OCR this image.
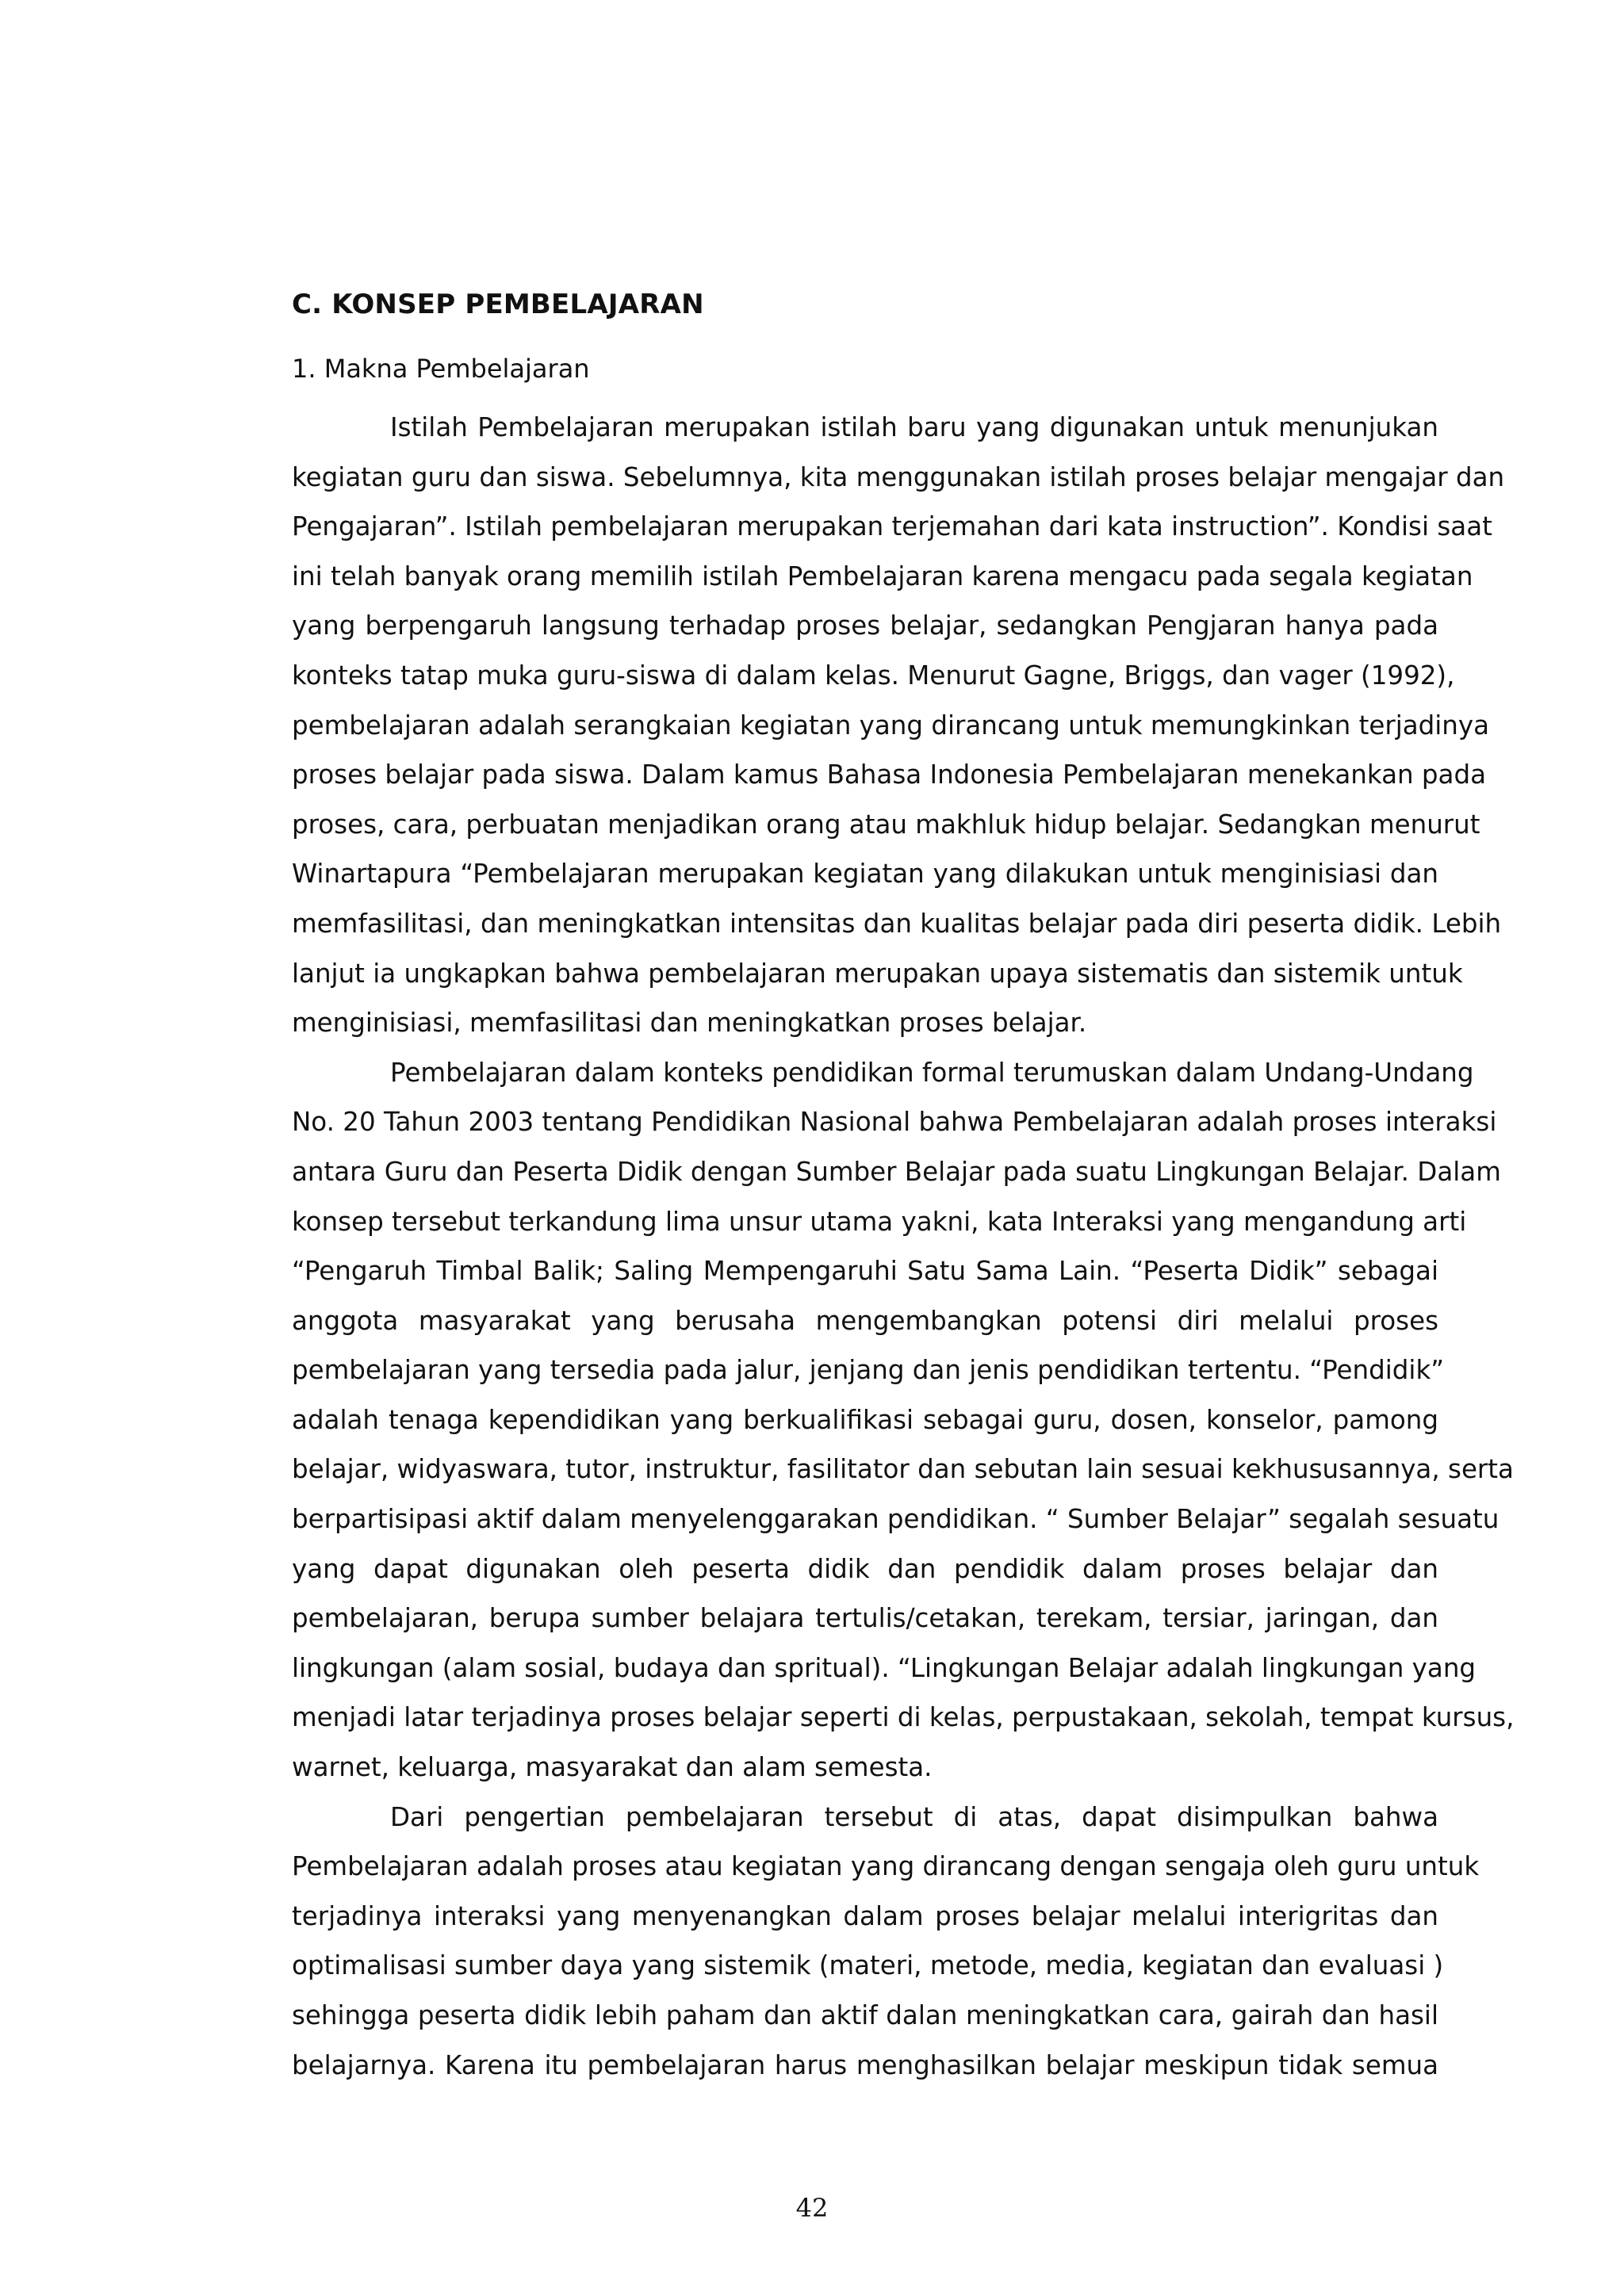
C. KONSEP PEMBELAJARAN
1. Makna Pembelajaran
Istilah Pembelajaran merupakan istilah baru yang digunakan untuk menunjukan
kegiatan guru dan siswa. Sebelumnya, kita menggunakan istilah proses belajar mengajar dan
Pengajaran”. Istilah pembelajaran merupakan terjemahan dari kata instruction”. Kondisi saat
ini telah banyak orang memilih istilah Pembelajaran karena mengacu pada segala kegiatan
yang berpengaruh langsung terhadap proses belajar, sedangkan Pengjaran hanya pada
konteks tatap muka guru-siswa di dalam kelas. Menurut Gagne, Briggs, dan vager (1992),
pembelajaran adalah serangkaian kegiatan yang dirancang untuk memungkinkan terjadinya
proses belajar pada siswa. Dalam kamus Bahasa Indonesia Pembelajaran menekankan pada
proses, cara, perbuatan menjadikan orang atau makhluk hidup belajar. Sedangkan menurut
Winartapura “Pembelajaran merupakan kegiatan yang dilakukan untuk menginisiasi dan
memfasilitasi, dan meningkatkan intensitas dan kualitas belajar pada diri peserta didik. Lebih
lanjut ia ungkapkan bahwa pembelajaran merupakan upaya sistematis dan sistemik untuk
menginisiasi, memfasilitasi dan meningkatkan proses belajar.
Pembelajaran dalam konteks pendidikan formal terumuskan dalam Undang-Undang
No. 20 Tahun 2003 tentang Pendidikan Nasional bahwa Pembelajaran adalah proses interaksi
antara Guru dan Peserta Didik dengan Sumber Belajar pada suatu Lingkungan Belajar. Dalam
konsep tersebut terkandung lima unsur utama yakni, kata Interaksi yang mengandung arti
“Pengaruh Timbal Balik; Saling Mempengaruhi Satu Sama Lain. “Peserta Didik” sebagai
anggota masyarakat yang berusaha mengembangkan potensi diri melalui proses
pembelajaran yang tersedia pada jalur, jenjang dan jenis pendidikan tertentu. “Pendidik”
adalah tenaga kependidikan yang berkualifikasi sebagai guru, dosen, konselor, pamong
belajar, widyaswara, tutor, instruktur, fasilitator dan sebutan lain sesuai kekhususannya, serta
berpartisipasi aktif dalam menyelenggarakan pendidikan. “ Sumber Belajar” segalah sesuatu
yang dapat digunakan oleh peserta didik dan pendidik dalam proses belajar dan
pembelajaran, berupa sumber belajara tertulis/cetakan, terekam, tersiar, jaringan, dan
lingkungan (alam sosial, budaya dan spritual). “Lingkungan Belajar adalah lingkungan yang
menjadi latar terjadinya proses belajar seperti di kelas, perpustakaan, sekolah, tempat kursus,
warnet, keluarga, masyarakat dan alam semesta.
Dari pengertian pembelajaran tersebut di atas, dapat disimpulkan bahwa
Pembelajaran adalah proses atau kegiatan yang dirancang dengan sengaja oleh guru untuk
terjadinya interaksi yang menyenangkan dalam proses belajar melalui interigritas dan
optimalisasi sumber daya yang sistemik (materi, metode, media, kegiatan dan evaluasi )
sehingga peserta didik lebih paham dan aktif dalan meningkatkan cara, gairah dan hasil
belajarnya. Karena itu pembelajaran harus menghasilkan belajar meskipun tidak semua
42
